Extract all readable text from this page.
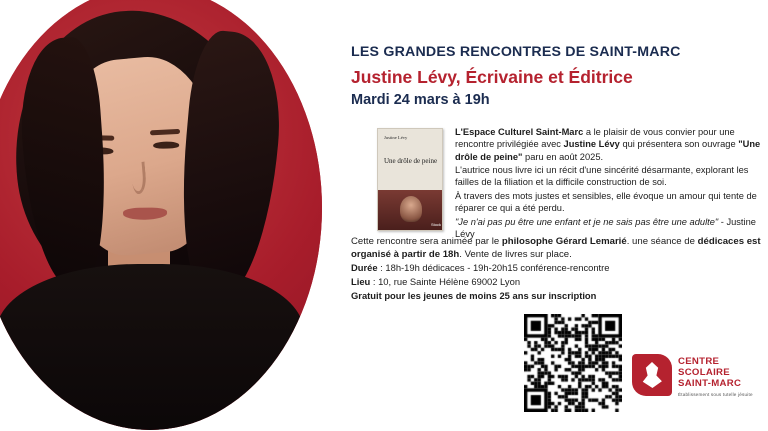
LES GRANDES RENCONTRES DE SAINT-MARC
Justine Lévy, Écrivaine et Éditrice
Mardi 24 mars à 19h
Justine Lévy
Une drôle de peine
Stock

L'Espace Culturel Saint-Marc a le plaisir de vous convier pour une rencontre privilégiée avec Justine Lévy qui présentera son ouvrage "Une drôle de peine" paru en août 2025.

L'autrice nous livre ici un récit d'une sincérité désarmante, explorant les failles de la filiation et la difficile construction de soi.

À travers des mots justes et sensibles, elle évoque un amour qui tente de réparer ce qui a été perdu.

"Je n'ai pas pu être une enfant et je ne sais pas être une adulte" - Justine Lévy

Cette rencontre sera animée par le philosophe Gérard Lemarié. une séance de dédicaces est organisé à partir de 18h. Vente de livres sur place.
Durée : 18h-19h dédicaces - 19h-20h15 conférence-rencontre
Lieu : 10, rue Sainte Hélène 69002 Lyon
Gratuit pour les jeunes de moins 25 ans sur inscription
CENTRE SCOLAIRE
SAINT-MARC
Établissement sous tutelle jésuite
